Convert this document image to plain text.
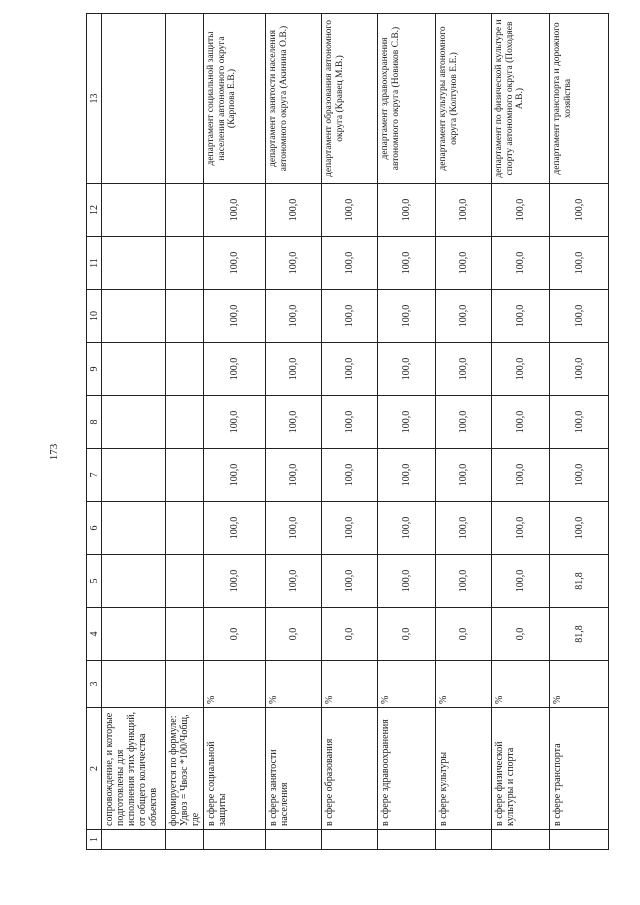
173
1	2	3	4	5	6	7	8	9	10	11	12	13
	сопровождение, и которые подготовлены для исполнения этих функций, от общего количества объектов											
	формируется по формуле: Удвоз = Чвозс *100/Чобщ, где											
	в сфере социальной защиты	%	0,0	100,0	100,0	100,0	100,0	100,0	100,0	100,0	100,0	департамент социальной защиты населения автономного округа (Карпова Е.В.)
	в сфере занятости населения	%	0,0	100,0	100,0	100,0	100,0	100,0	100,0	100,0	100,0	департамент занятости населения автономного округа (Акинина О.В.)
	в сфере образования	%	0,0	100,0	100,0	100,0	100,0	100,0	100,0	100,0	100,0	департамент образования автономного округа (Кравец М.В.)
	в сфере здравоохранения	%	0,0	100,0	100,0	100,0	100,0	100,0	100,0	100,0	100,0	департамент здравоохранения автономного округа (Новиков С.В.)
	в сфере культуры	%	0,0	100,0	100,0	100,0	100,0	100,0	100,0	100,0	100,0	департамент культуры автономного округа (Колтунов Е.Е.)
	в сфере физической культуры и спорта	%	0,0	100,0	100,0	100,0	100,0	100,0	100,0	100,0	100,0	департамент по физической культуре и спорту автономного округа (Походяев А.В.)
	в сфере транспорта	%	81,8	81,8	100,0	100,0	100,0	100,0	100,0	100,0	100,0	департамент транспорта и дорожного хозяйства
